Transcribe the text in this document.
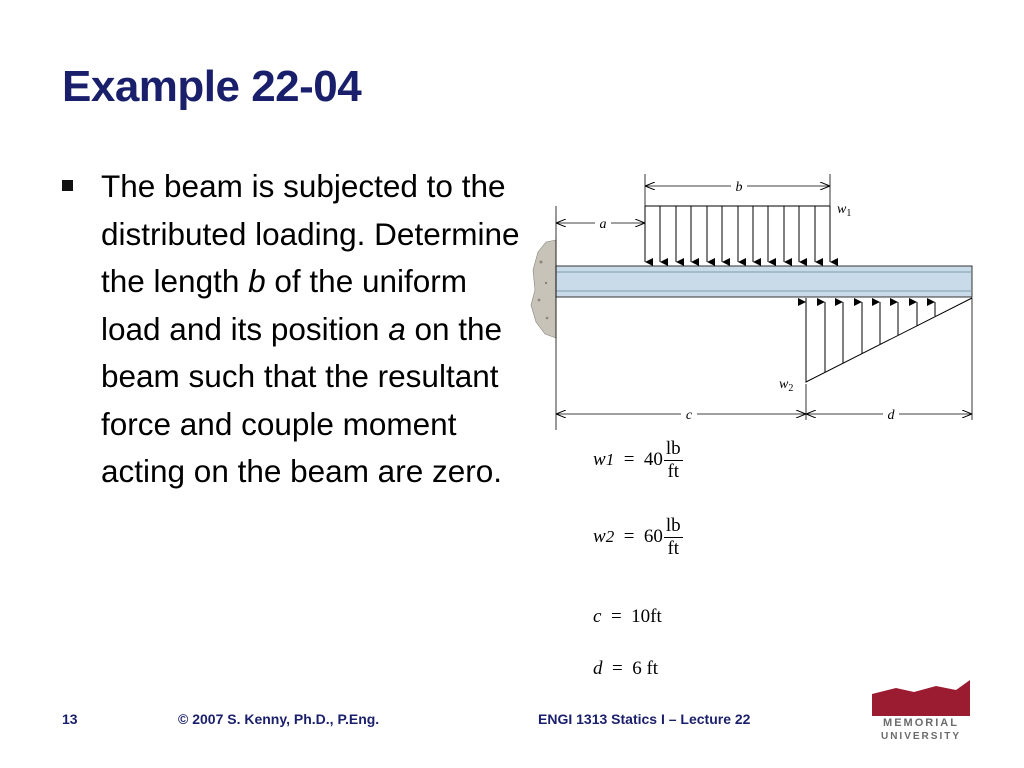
Example 22-04
The beam is subjected to the distributed loading. Determine the length b of the uniform load and its position a on the beam such that the resultant force and couple moment acting on the beam are zero.
b
a
c	d
$w_1$
$w_2$
$w1 = 40 \frac{lb}{ft}$
$w2 = 60 \frac{lb}{ft}$
c = 10ft
d = 6 ft
13	© 2007 S. Kenny, Ph.D., P.Eng.	ENGI 1313 Statics I – Lecture 22	MEMORIAL
UNIVERSITY
